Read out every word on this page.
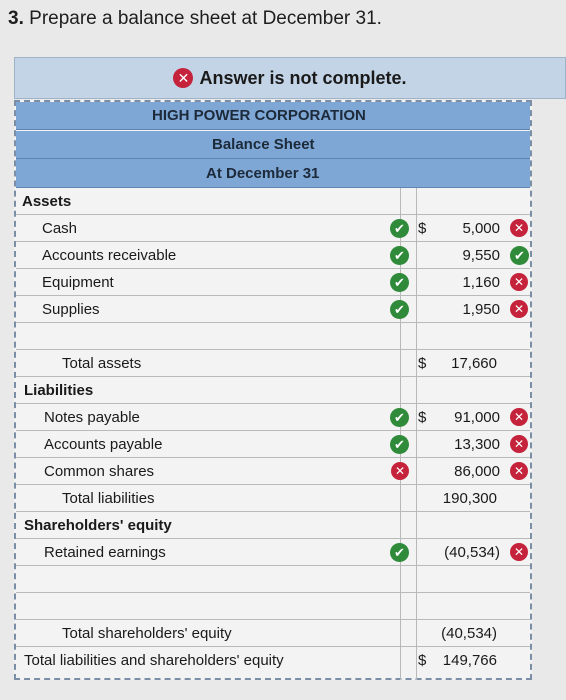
3. Prepare a balance sheet at December 31.
✕ Answer is not complete.
HIGH POWER CORPORATION
Balance Sheet
At December 31
Assets
Cash	✔ $ 5,000	✕
Accounts receivable	✔	9,550	✔
Equipment	✔	1,160	✕
Supplies	✔	1,950	✕
Total assets	$ 17,660
Liabilities
Notes payable	✔ $ 91,000	✕
Accounts payable	✔	13,300	✕
Common shares	✕	86,000	✕
Total liabilities	190,300
Shareholders' equity
Retained earnings	✔	(40,534)	✕
Total shareholders' equity	(40,534)
Total liabilities and shareholders' equity	$ 149,766
